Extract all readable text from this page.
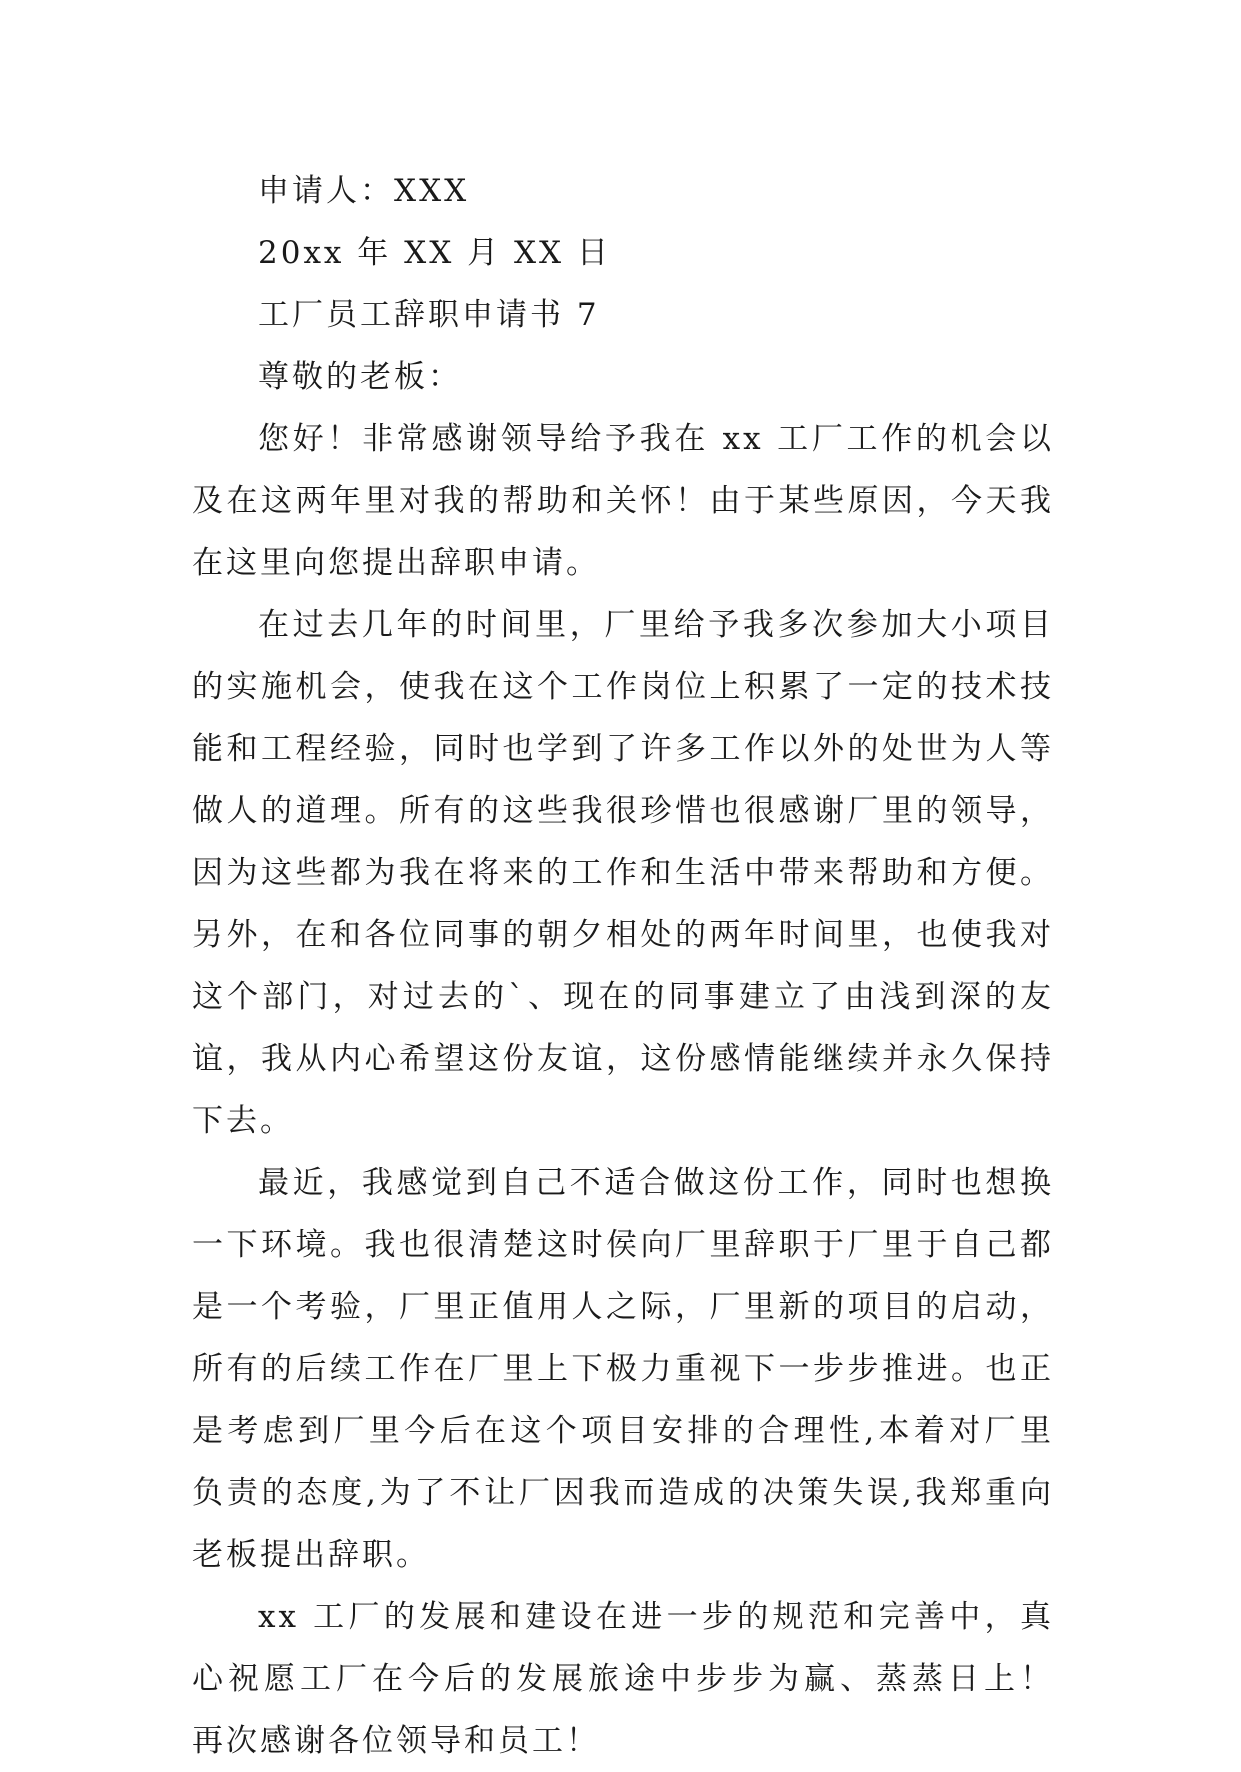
申请人：XXX

20xx 年 XX 月 XX 日

工厂员工辞职申请书 7

尊敬的老板：

您好！非常感谢领导给予我在 xx 工厂工作的机会以及在这两年里对我的帮助和关怀！由于某些原因，今天我在这里向您提出辞职申请。

在过去几年的时间里，厂里给予我多次参加大小项目的实施机会，使我在这个工作岗位上积累了一定的技术技能和工程经验，同时也学到了许多工作以外的处世为人等做人的道理。所有的这些我很珍惜也很感谢厂里的领导，因为这些都为我在将来的工作和生活中带来帮助和方便。另外，在和各位同事的朝夕相处的两年时间里，也使我对这个部门，对过去的`、现在的同事建立了由浅到深的友谊，我从内心希望这份友谊，这份感情能继续并永久保持下去。

最近，我感觉到自己不适合做这份工作，同时也想换一下环境。我也很清楚这时侯向厂里辞职于厂里于自己都是一个考验，厂里正值用人之际，厂里新的项目的启动，所有的后续工作在厂里上下极力重视下一步步推进。也正是考虑到厂里今后在这个项目安排的合理性,本着对厂里负责的态度,为了不让厂因我而造成的决策失误,我郑重向老板提出辞职。

xx 工厂的发展和建设在进一步的规范和完善中，真心祝愿工厂在今后的发展旅途中步步为赢、蒸蒸日上！ 再次感谢各位领导和员工！
